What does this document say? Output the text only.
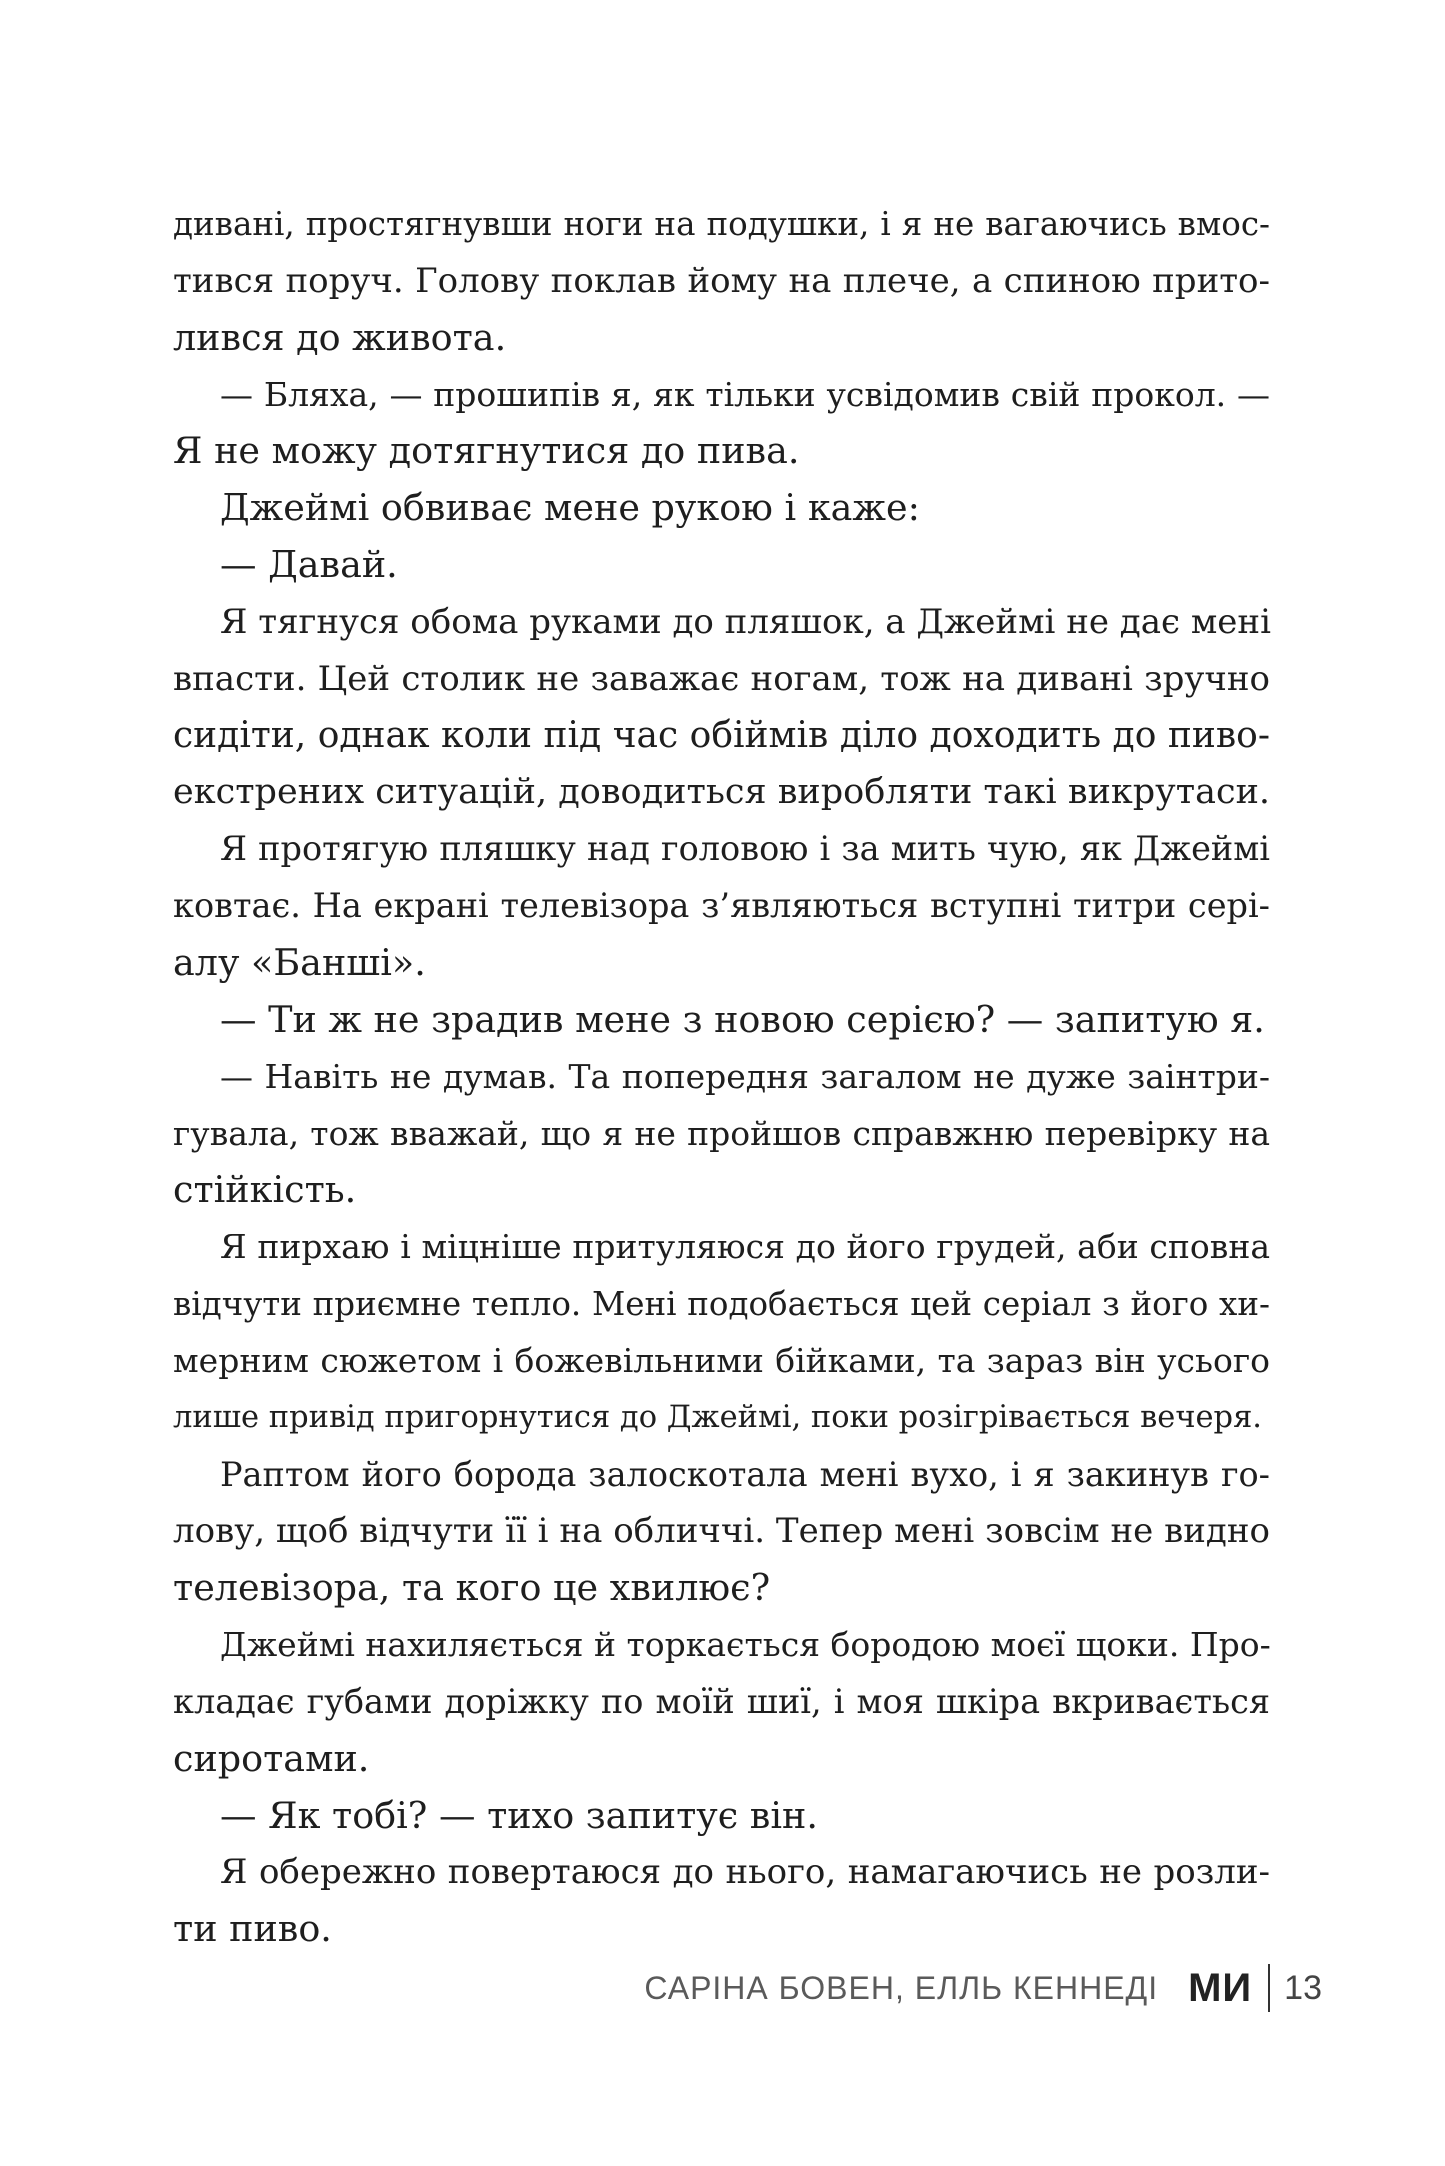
дивані, простягнувши ноги на подушки, і я не вагаючись вмос-
тився поруч. Голову поклав йому на плече, а спиною прито-
лився до живота.
— Бляха, — прошипів я, як тільки усвідомив свій прокол. —
Я не можу дотягнутися до пива.
Джеймі обвиває мене рукою і каже:
— Давай.
Я тягнуся обома руками до пляшок, а Джеймі не дає мені
впасти. Цей столик не заважає ногам, тож на дивані зручно
сидіти, однак коли під час обіймів діло доходить до пиво-
екстрених ситуацій, доводиться виробляти такі викрутаси.
Я протягую пляшку над головою і за мить чую, як Джеймі
ковтає. На екрані телевізора з’являються вступні титри сері-
алу «Банші».
— Ти ж не зрадив мене з новою серією? — запитую я.
— Навіть не думав. Та попередня загалом не дуже заінтри-
гувала, тож вважай, що я не пройшов справжню перевірку на
стійкість.
Я пирхаю і міцніше притуляюся до його грудей, аби сповна
відчути приємне тепло. Мені подобається цей серіал з його хи-
мерним сюжетом і божевільними бійками, та зараз він усього
лише привід пригорнутися до Джеймі, поки розігрівається вечеря.
Раптом його борода залоскотала мені вухо, і я закинув го-
лову, щоб відчути її і на обличчі. Тепер мені зовсім не видно
телевізора, та кого це хвилює?
Джеймі нахиляється й торкається бородою моєї щоки. Про-
кладає губами доріжку по моїй шиї, і моя шкіра вкривається
сиротами.
— Як тобі? — тихо запитує він.
Я обережно повертаюся до нього, намагаючись не розли-
ти пиво.
САРІНА БОВЕН, ЕЛЛЬ КЕННЕДІ МИ 13
